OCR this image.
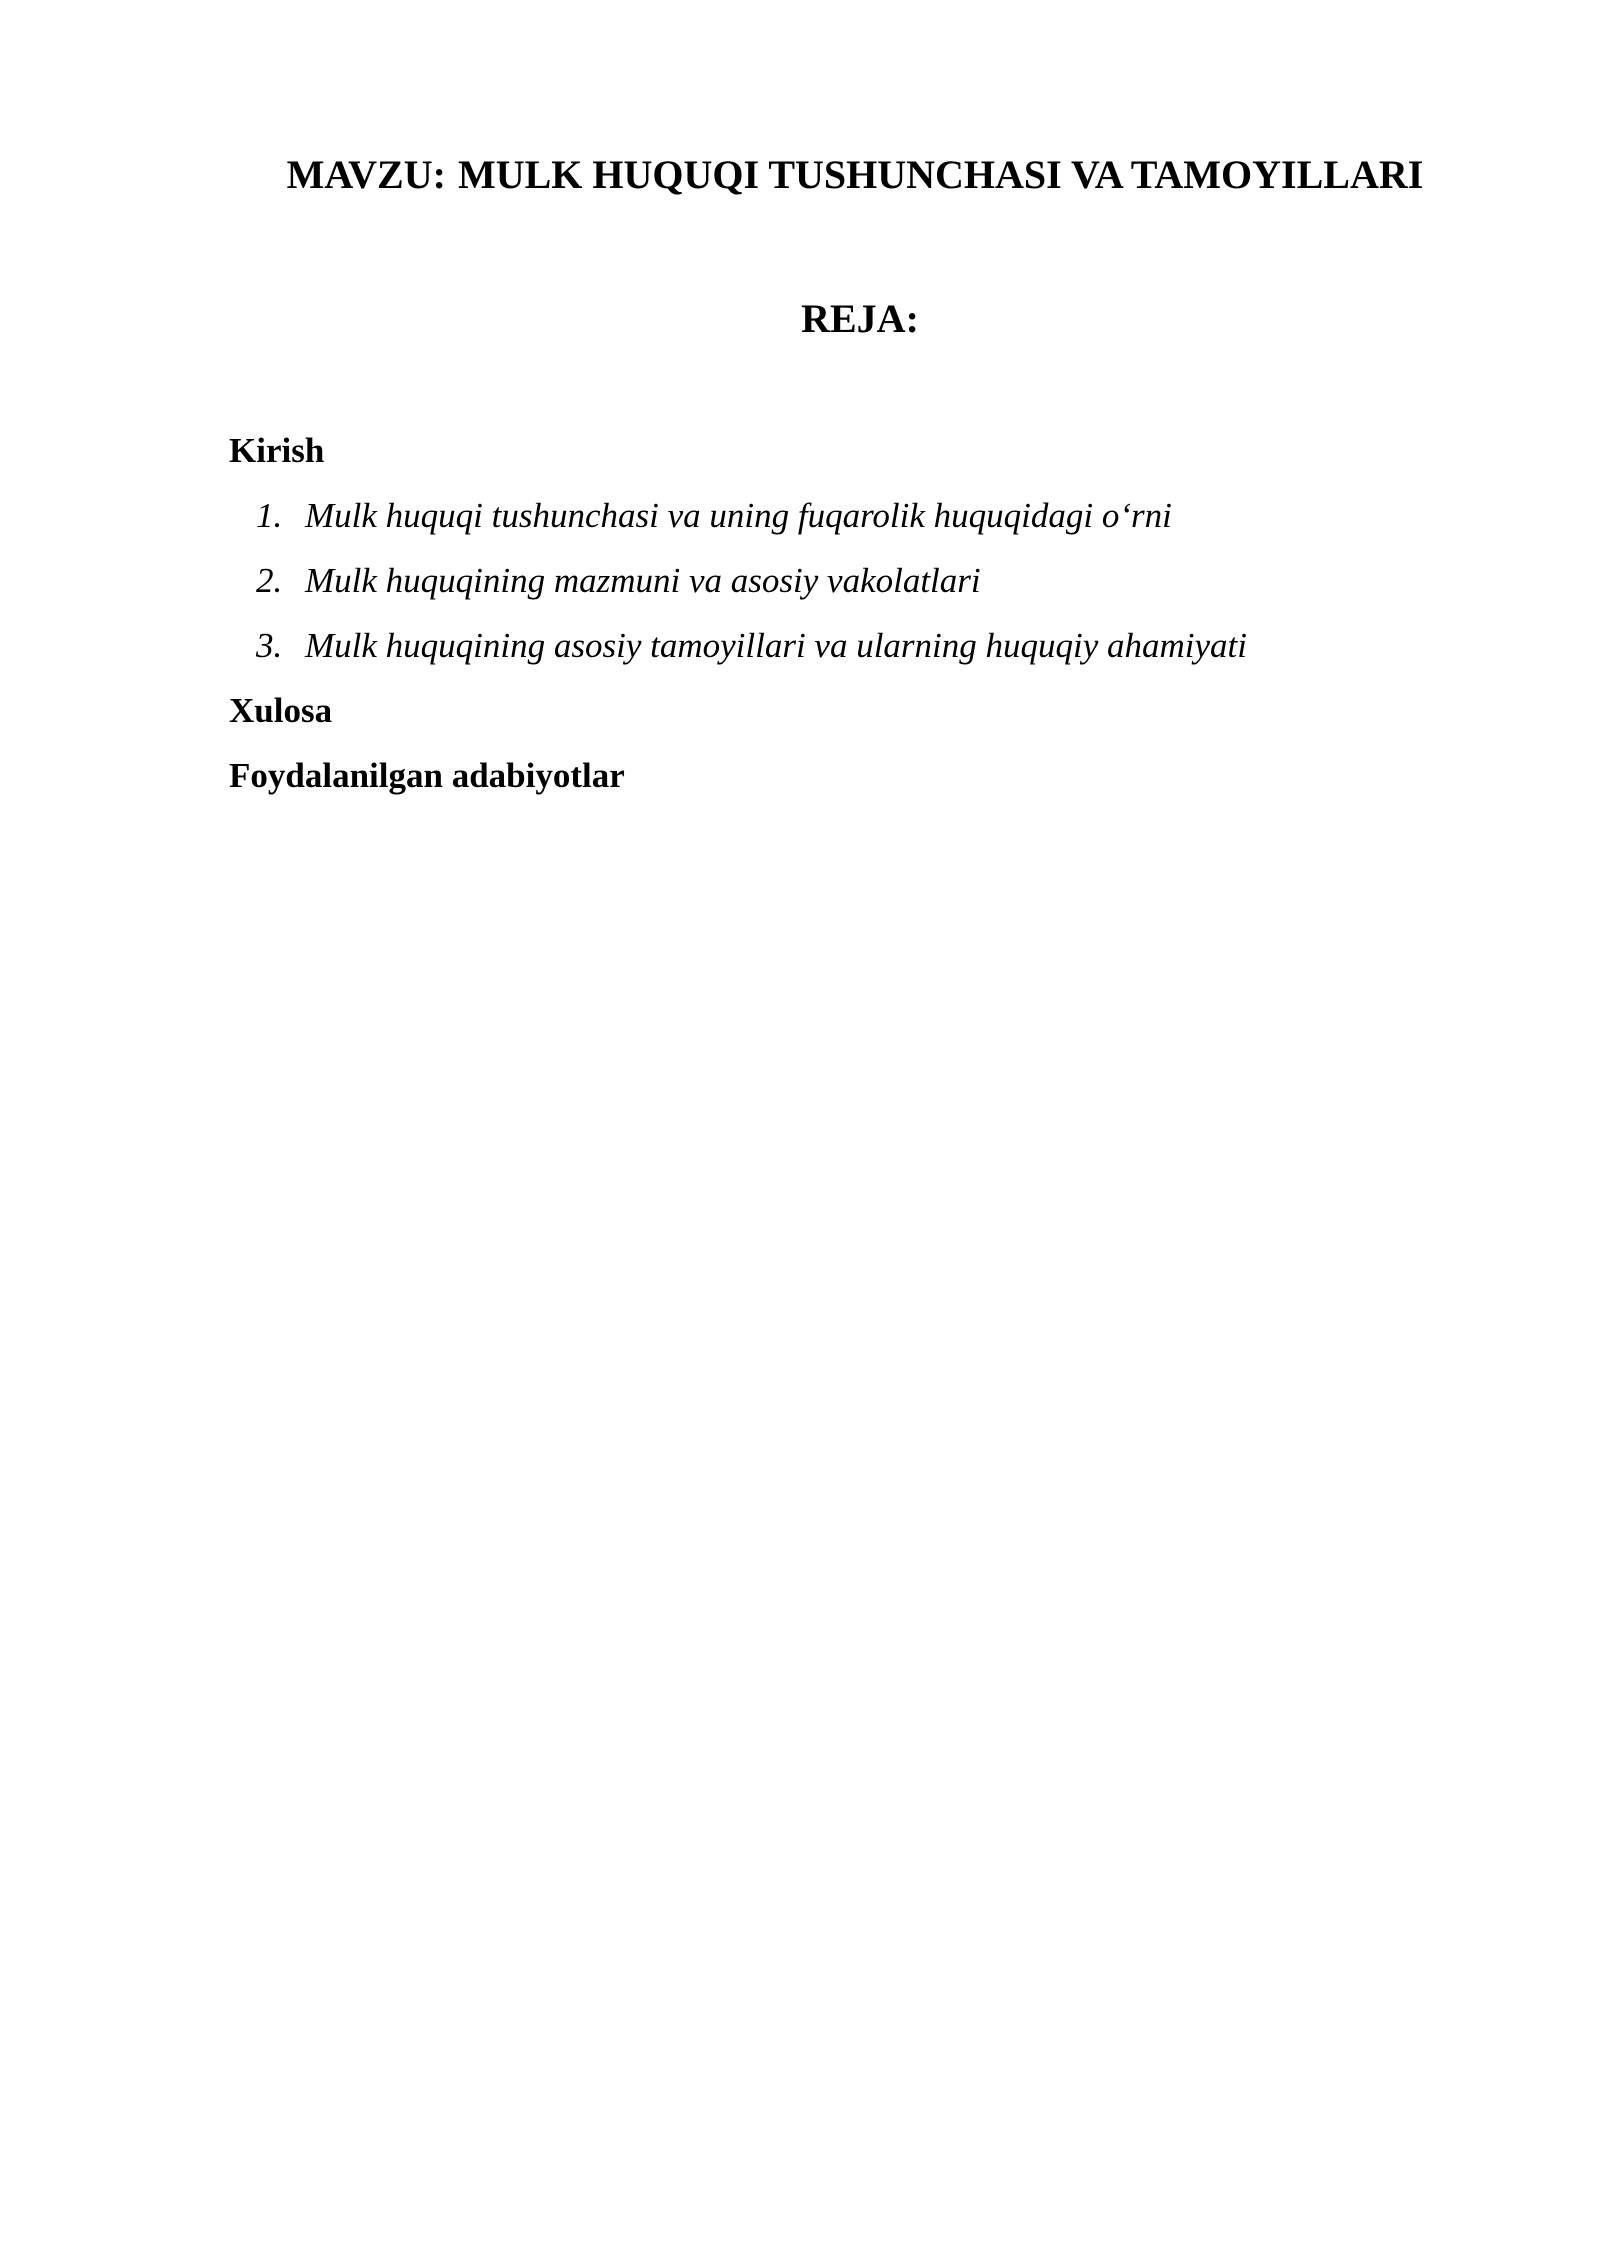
MAVZU: MULK HUQUQI TUSHUNCHASI VA TAMOYILLARI
REJA:
Kirish
1. Mulk huquqi tushunchasi va uning fuqarolik huquqidagi o‘rni
2. Mulk huquqining mazmuni va asosiy vakolatlari
3. Mulk huquqining asosiy tamoyillari va ularning huquqiy ahamiyati
Xulosa
Foydalanilgan adabiyotlar
